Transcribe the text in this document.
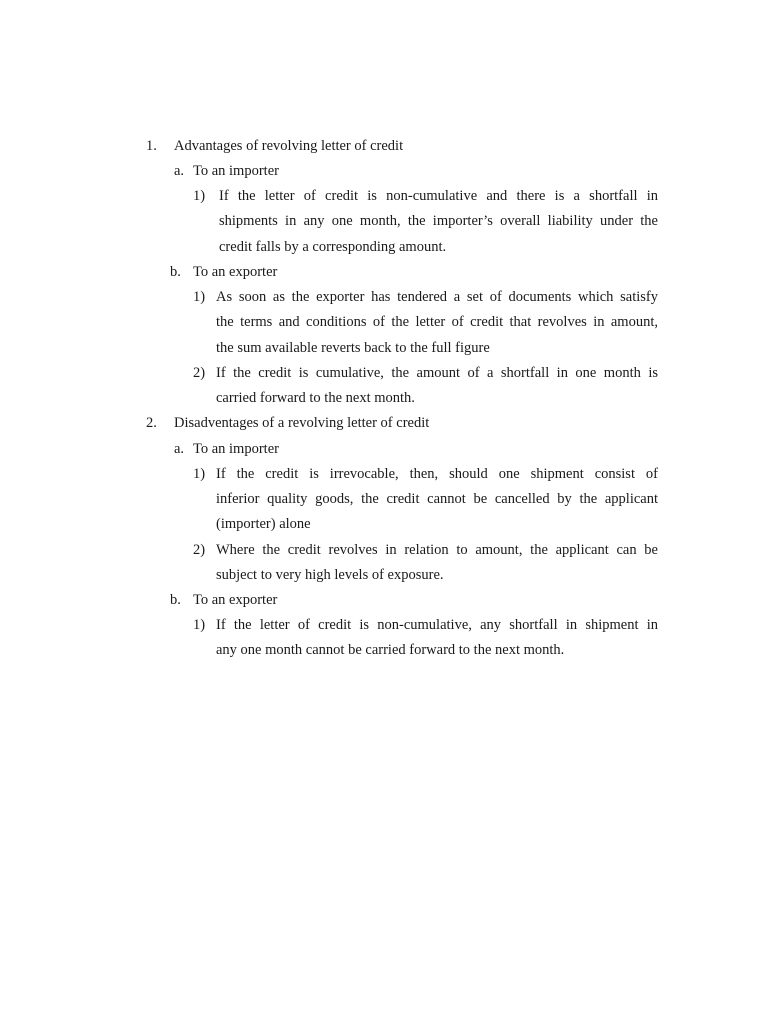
1. Advantages of revolving letter of credit
a. To an importer
1) If the letter of credit is non-cumulative and there is a shortfall in
shipments in any one month, the importer’s overall liability under the
credit falls by a corresponding amount.
b. To an exporter
1) As soon as the exporter has tendered a set of documents which satisfy
the terms and conditions of the letter of credit that revolves in amount,
the sum available reverts back to the full figure
2) If the credit is cumulative, the amount of a shortfall in one month is
carried forward to the next month.
2. Disadventages of a revolving letter of credit
a. To an importer
1) If the credit is irrevocable, then, should one shipment consist of
inferior quality goods, the credit cannot be cancelled by the applicant
(importer) alone
2) Where the credit revolves in relation to amount, the applicant can be
subject to very high levels of exposure.
b. To an exporter
1) If the letter of credit is non-cumulative, any shortfall in shipment in
any one month cannot be carried forward to the next month.
